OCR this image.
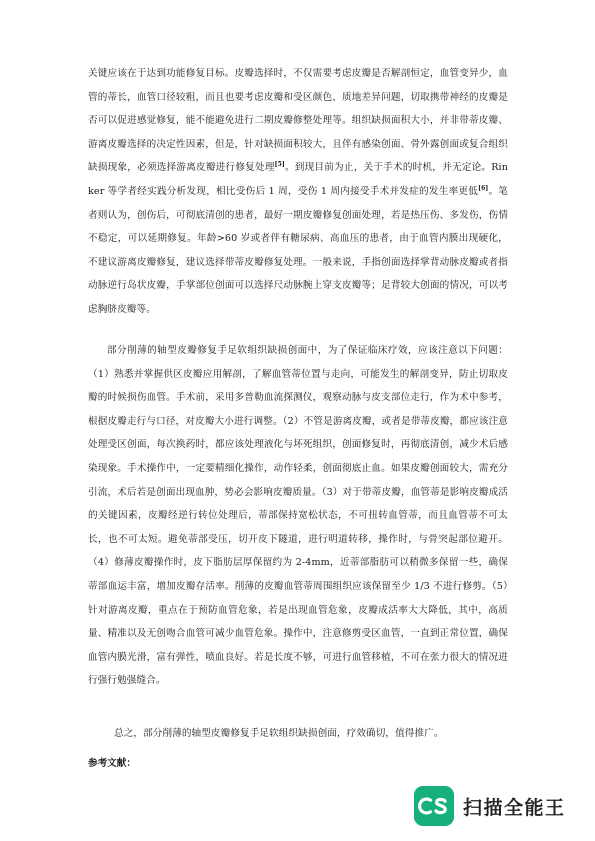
关键应该在于达到功能修复目标。皮瓣选择时，不仅需要考虑皮瓣是否解剖恒定，血管变异少，血管的蒂长，血管口径较粗，而且也要考虑皮瓣和受区颜色、质地差异问题，切取携带神经的皮瓣是否可以促进感觉修复，能不能避免进行二期皮瓣修整处理等。组织缺损面积大小，并非带蒂皮瓣、游离皮瓣选择的决定性因素，但是，针对缺损面积较大，且伴有感染创面、骨外露创面或复合组织缺损现象，必须选择游离皮瓣进行修复处理[5]。到现目前为止，关于手术的时机，并无定论。Rinker 等学者经实践分析发现，相比受伤后 1 周，受伤 1 周内接受手术并发症的发生率更低[6]。笔者则认为，创伤后，可彻底清创的患者，最好一期皮瓣修复创面处理，若是热压伤、多发伤，伤情不稳定，可以延期修复。年龄>60 岁或者伴有糖尿病、高血压的患者，由于血管内膜出现硬化，不建议游离皮瓣修复，建议选择带蒂皮瓣修复处理。一般来说，手指创面选择掌背动脉皮瓣或者指动脉逆行岛状皮瓣，手掌部位创面可以选择尺动脉腕上穿支皮瓣等；足背较大创面的情况，可以考虑胸脐皮瓣等。
部分削薄的轴型皮瓣修复手足软组织缺损创面中，为了保证临床疗效，应该注意以下问题：（1）熟悉并掌握供区皮瓣应用解剖，了解血管蒂位置与走向，可能发生的解剖变异，防止切取皮瓣的时候损伤血管。手术前，采用多普勒血流探测仪，观察动脉与皮支部位走行，作为术中参考，根据皮瓣走行与口径，对皮瓣大小进行调整。（2）不管是游离皮瓣，或者是带蒂皮瓣，都应该注意处理受区创面，每次换药时，都应该处理液化与坏死组织，创面修复时，再彻底清创，减少术后感染现象。手术操作中，一定要精细化操作，动作轻柔，创面彻底止血。如果皮瓣创面较大，需充分引流，术后若是创面出现血肿，势必会影响皮瓣质量。（3）对于带蒂皮瓣，血管蒂是影响皮瓣成活的关键因素，皮瓣经逆行转位处理后，蒂部保持宽松状态，不可扭转血管蒂，而且血管蒂不可太长，也不可太短。避免蒂部受压，切开皮下隧道，进行明道转移，操作时，与骨突起部位避开。（4）修薄皮瓣操作时，皮下脂肪层厚保留约为 2-4mm，近蒂部脂肪可以稍微多保留一些，确保蒂部血运丰富，增加皮瓣存活率。削薄的皮瓣血管蒂周围组织应该保留至少 1/3 不进行修剪。（5）针对游离皮瓣，重点在于预防血管危象，若是出现血管危象，皮瓣成活率大大降低，其中，高质量、精准以及无创吻合血管可减少血管危象。操作中，注意修剪受区血管，一直到正常位置，确保血管内膜光滑，富有弹性，喷血良好。若是长度不够，可进行血管移植，不可在张力很大的情况进行强行勉强缝合。
总之，部分削薄的轴型皮瓣修复手足软组织缺损创面，疗效确切，值得推广。
参考文献：
扫描全能王
